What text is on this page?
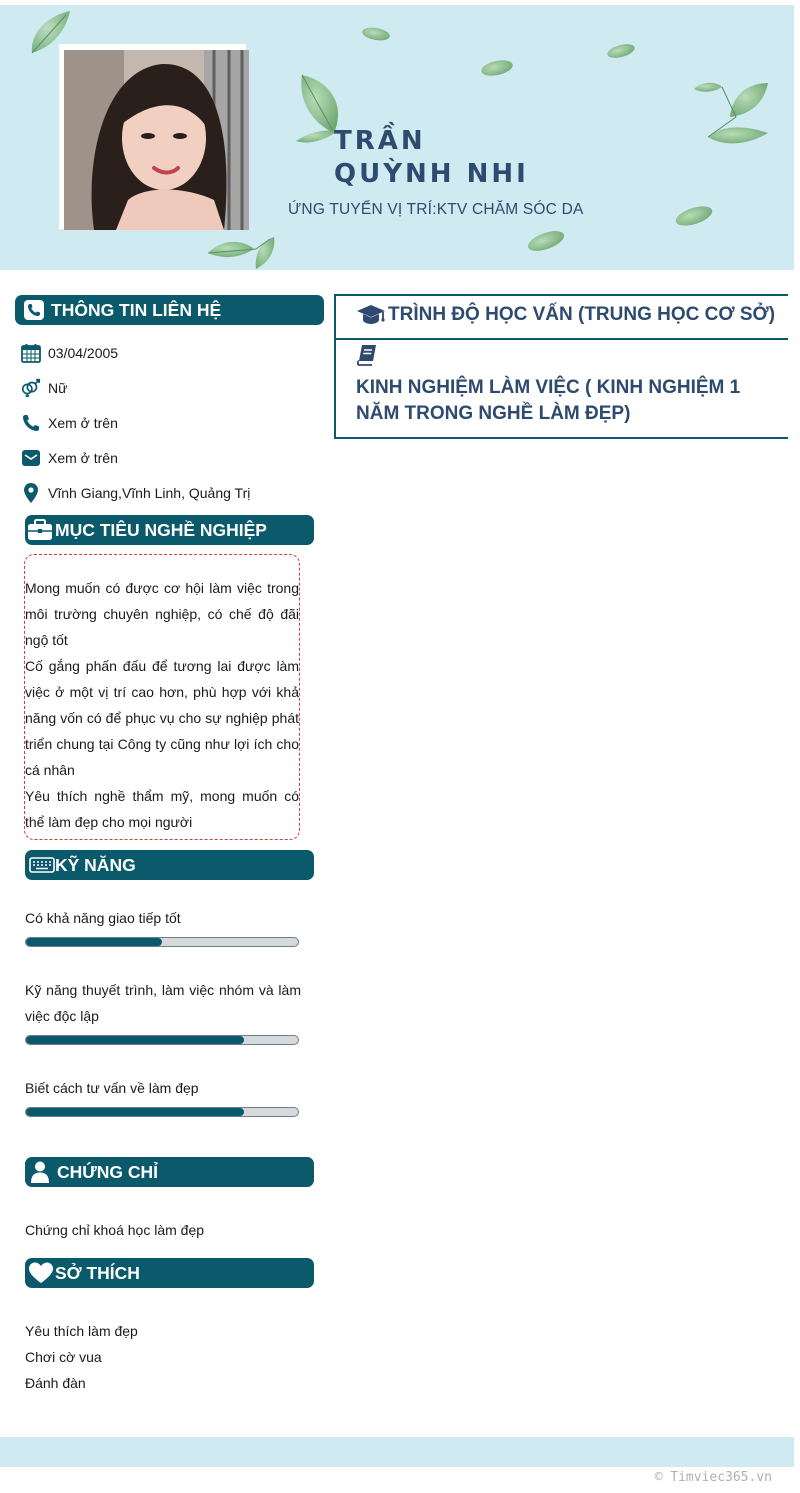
TRẦN
QUỲNH NHI
ỨNG TUYỂN VỊ TRÍ:KTV CHĂM SÓC DA
THÔNG TIN LIÊN HỆ
03/04/2005
Nữ
Xem ở trên
Xem ở trên
Vĩnh Giang,Vĩnh Linh, Quảng Trị
MỤC TIÊU NGHỀ NGHIỆP

Mong muốn có được cơ hội làm việc trong môi trường chuyên nghiệp, có chế độ đãi ngộ tốt
Cố gắng phấn đấu để tương lai được làm việc ở một vị trí cao hơn, phù hợp với khả năng vốn có để phục vụ cho sự nghiệp phát triển chung tại Công ty cũng như lợi ích cho cá nhân
Yêu thích nghề thẩm mỹ, mong muốn có thể làm đẹp cho mọi người

KỸ NĂNG
Có khả năng giao tiếp tốt
Kỹ năng thuyết trình, làm việc nhóm và làm việc độc lập
Biết cách tư vấn về làm đẹp
CHỨNG CHỈ
Chứng chỉ khoá học làm đẹp
SỞ THÍCH
Yêu thích làm đẹp
Chơi cờ vua
Đánh đàn
TRÌNH ĐỘ HỌC VẤN (TRUNG HỌC CƠ SỞ)
KINH NGHIỆM LÀM VIỆC ( KINH NGHIỆM 1 NĂM TRONG NGHỀ LÀM ĐẸP)
© Timviec365.vn
